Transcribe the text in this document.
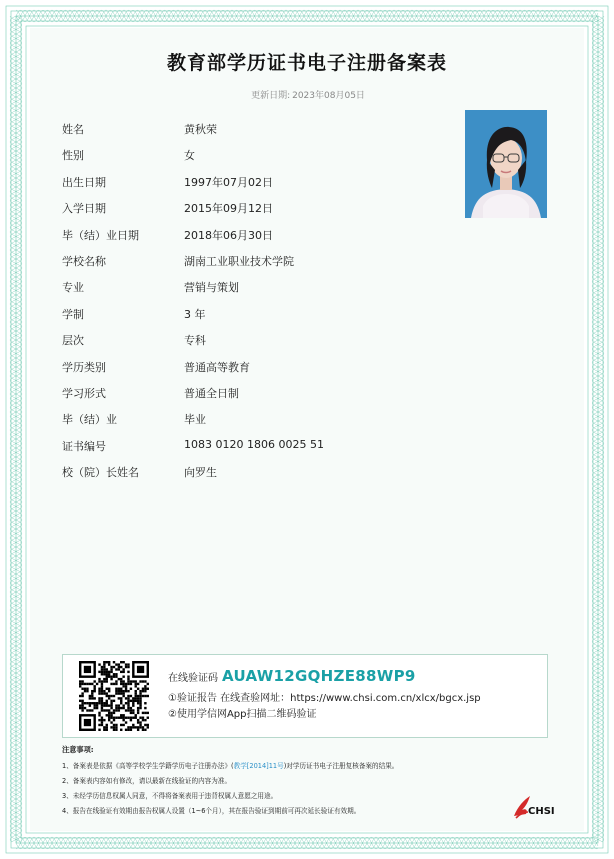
教育部学历证书电子注册备案表
更新日期: 2023年08月05日
姓名	黄秋荣
性别	女
出生日期	1997年07月02日
入学日期	2015年09月12日
毕（结）业日期	2018年06月30日
学校名称	湖南工业职业技术学院
专业	营销与策划
学制	3 年
层次	专科
学历类别	普通高等教育
学习形式	普通全日制
毕（结）业	毕业
证书编号	1083 0120 1806 0025 51
校（院）长姓名	向罗生
在线验证码 AUAW12GQHZE88WP9
①验证报告 在线查验网址：https://www.chsi.com.cn/xlcx/bgcx.jsp
②使用学信网App扫描二维码验证
注意事项:
1、备案表是依据《高等学校学生学籍学历电子注册办法》(教学[2014]11号)对学历证书电子注册复核备案的结果。
2、备案表内容如有修改，请以最新在线验证的内容为准。
3、未经学历信息权属人同意，不得将备案表用于违背权属人意愿之用途。
4、报告在线验证有效期由报告权属人设置（1~6个月），其在报告验证到期前可再次延长验证有效期。	CHSI
